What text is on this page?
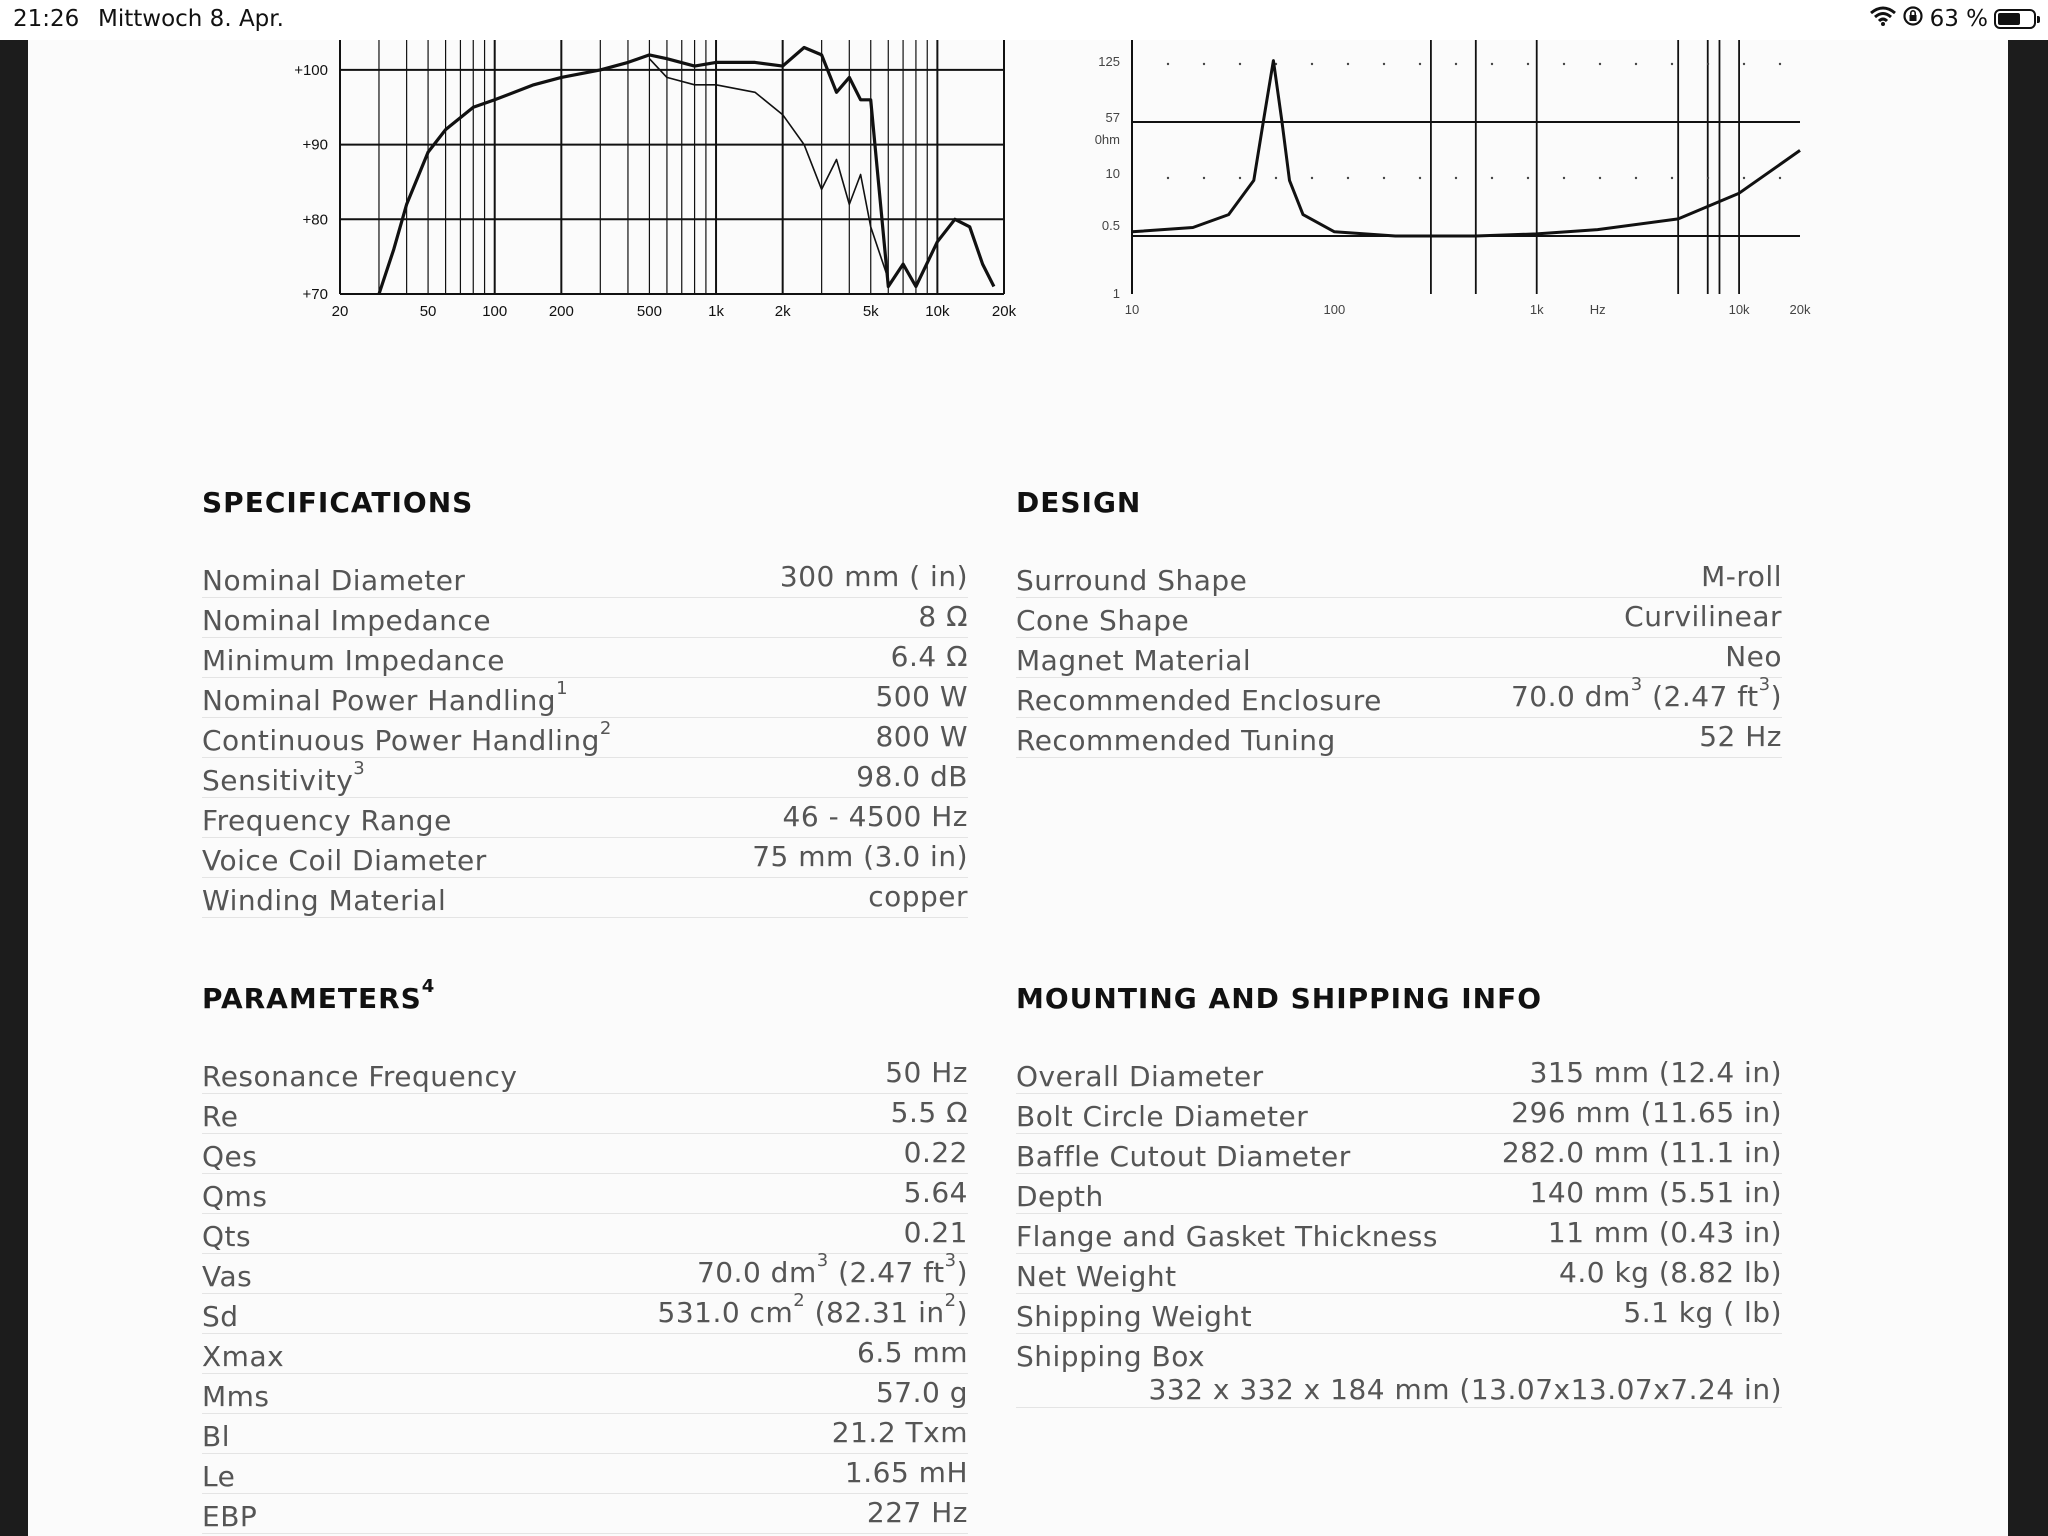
21:26 Mittwoch 8. Apr.	63 %
+100
+90
+80
+70
20	50	100	200	500	1k	2k	5k	10k	20k
125
57
0hm
10
0.5
1
10	100	1k	Hz	10k	20k
SPECIFICATIONS
Nominal Diameter	300 mm ( in)
Nominal Impedance	8 Ω
Minimum Impedance	6.4 Ω
Nominal Power Handling$^1$	500 W
Continuous Power Handling$^2$	800 W
Sensitivity$^3$	98.0 dB
Frequency Range	46 - 4500 Hz
Voice Coil Diameter	75 mm (3.0 in)
Winding Material	copper
DESIGN
Surround Shape	M-roll
Cone Shape	Curvilinear
Magnet Material	Neo
Recommended Enclosure	70.0 $dm^3$ (2.47 $ft^3$)
Recommended Tuning	52 Hz
PARAMETERS$^4$
Resonance Frequency	50 Hz
Re	5.5 Ω
Qes	0.22
Qms	5.64
Qts	0.21
Vas	70.0 $dm^3$ (2.47 $ft^3$)
Sd	531.0 $cm^2$ (82.31 $in^2$)
Xmax	6.5 mm
Mms	57.0 g
Bl	21.2 Txm
Le	1.65 mH
EBP	227 Hz
MOUNTING AND SHIPPING INFO
Overall Diameter	315 mm (12.4 in)
Bolt Circle Diameter	296 mm (11.65 in)
Baffle Cutout Diameter	282.0 mm (11.1 in)
Depth	140 mm (5.51 in)
Flange and Gasket Thickness	11 mm (0.43 in)
Net Weight	4.0 kg (8.82 lb)
Shipping Weight	5.1 kg ( lb)
Shipping Box
332 x 332 x 184 mm (13.07x13.07x7.24 in)
